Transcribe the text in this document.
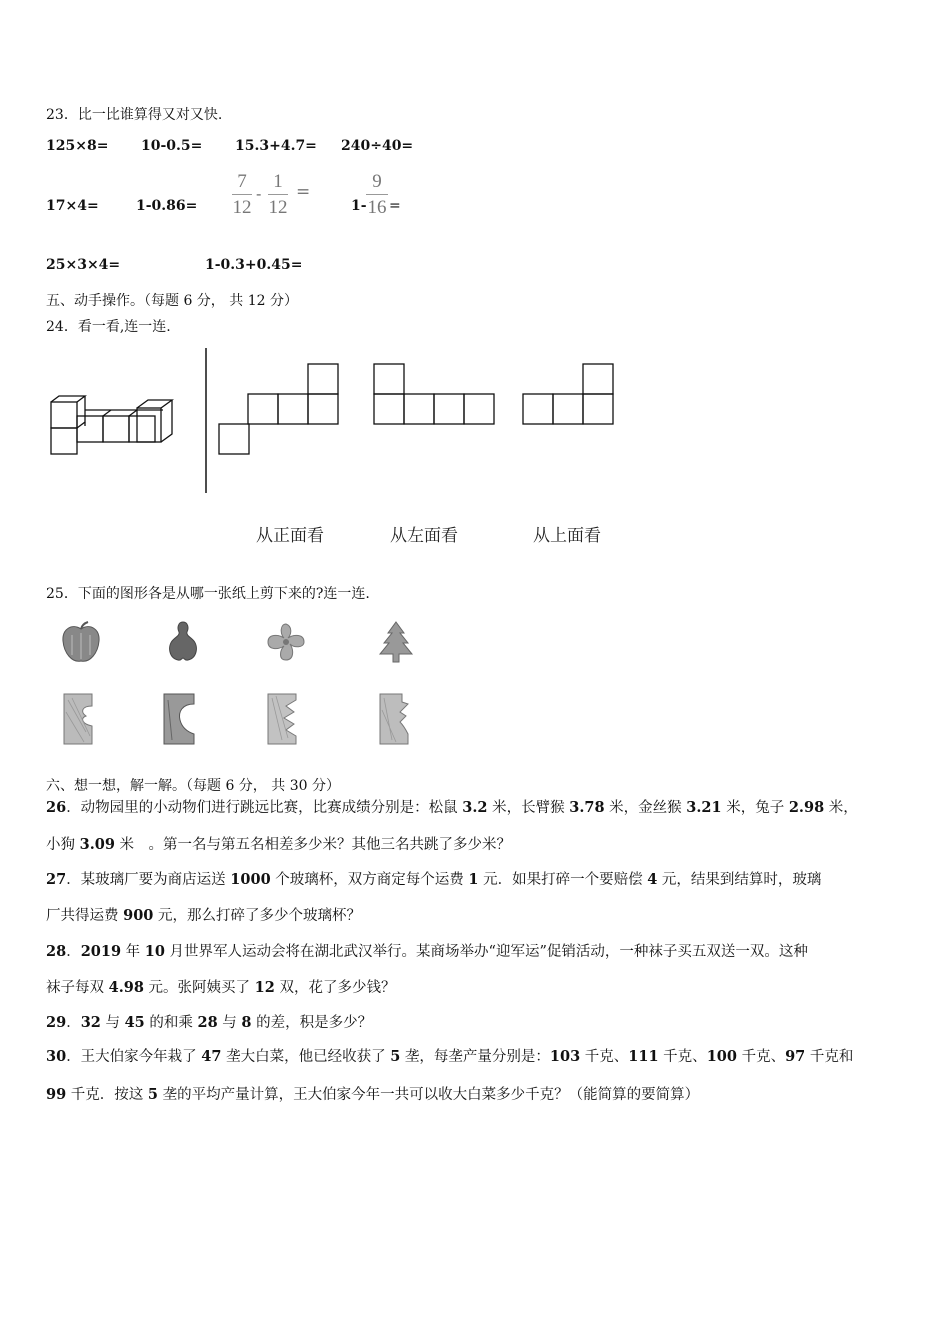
23．比一比谁算得又对又快.
125×8= 10-0.5= 15.3+4.7= 240÷40=
17×4=	1-0.86=
7
12
-
1
12
=
1-
9
16 =
25×3×4=	1-0.3+0.45=
五、动手操作。（每题 6 分， 共 12 分）
24．看一看,连一连.
从正面看	从左面看	从上面看
25．下面的图形各是从哪一张纸上剪下来的?连一连.
六、想一想，解一解。（每题 6 分， 共 30 分）
26．动物园里的小动物们进行跳远比赛，比赛成绩分别是：松鼠 3.2 米，长臂猴 3.78 米，金丝猴 3.21 米，兔子 2.98 米，
小狗 3.09 米　。第一名与第五名相差多少米？其他三名共跳了多少米？
27．某玻璃厂要为商店运送 1000 个玻璃杯，双方商定每个运费 1 元．如果打碎一个要赔偿 4 元，结果到结算时，玻璃
厂共得运费 900 元，那么打碎了多少个玻璃杯？
28．2019 年 10 月世界军人运动会将在湖北武汉举行。某商场举办“迎军运”促销活动，一种袜子买五双送一双。这种
袜子每双 4.98 元。张阿姨买了 12 双，花了多少钱？
29．32 与 45 的和乘 28 与 8 的差，积是多少？
30．王大伯家今年栽了 47 垄大白菜，他已经收获了 5 垄，每垄产量分别是：103 千克、111 千克、100 千克、97 千克和
99 千克．按这 5 垄的平均产量计算，王大伯家今年一共可以收大白菜多少千克？（能简算的要简算）
